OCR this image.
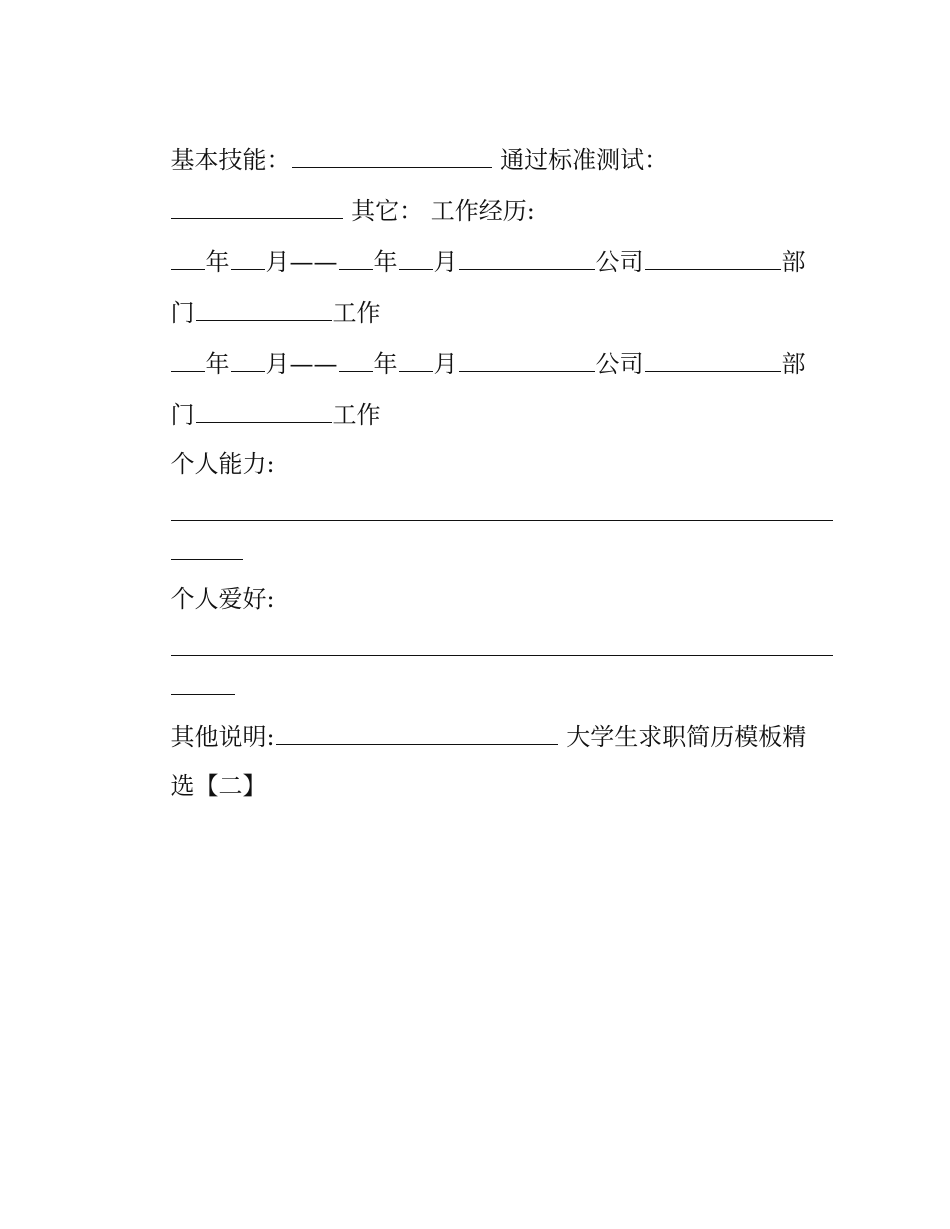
基本技能：	通过标准测试：

其它： 工作经历:

年 月—— 年 月	公司	部

门	工作

年 月—— 年 月	公司	部

门	工作

个人能力:

个人爱好:

其他说明:	大学生求职简历模板精

选【二】
